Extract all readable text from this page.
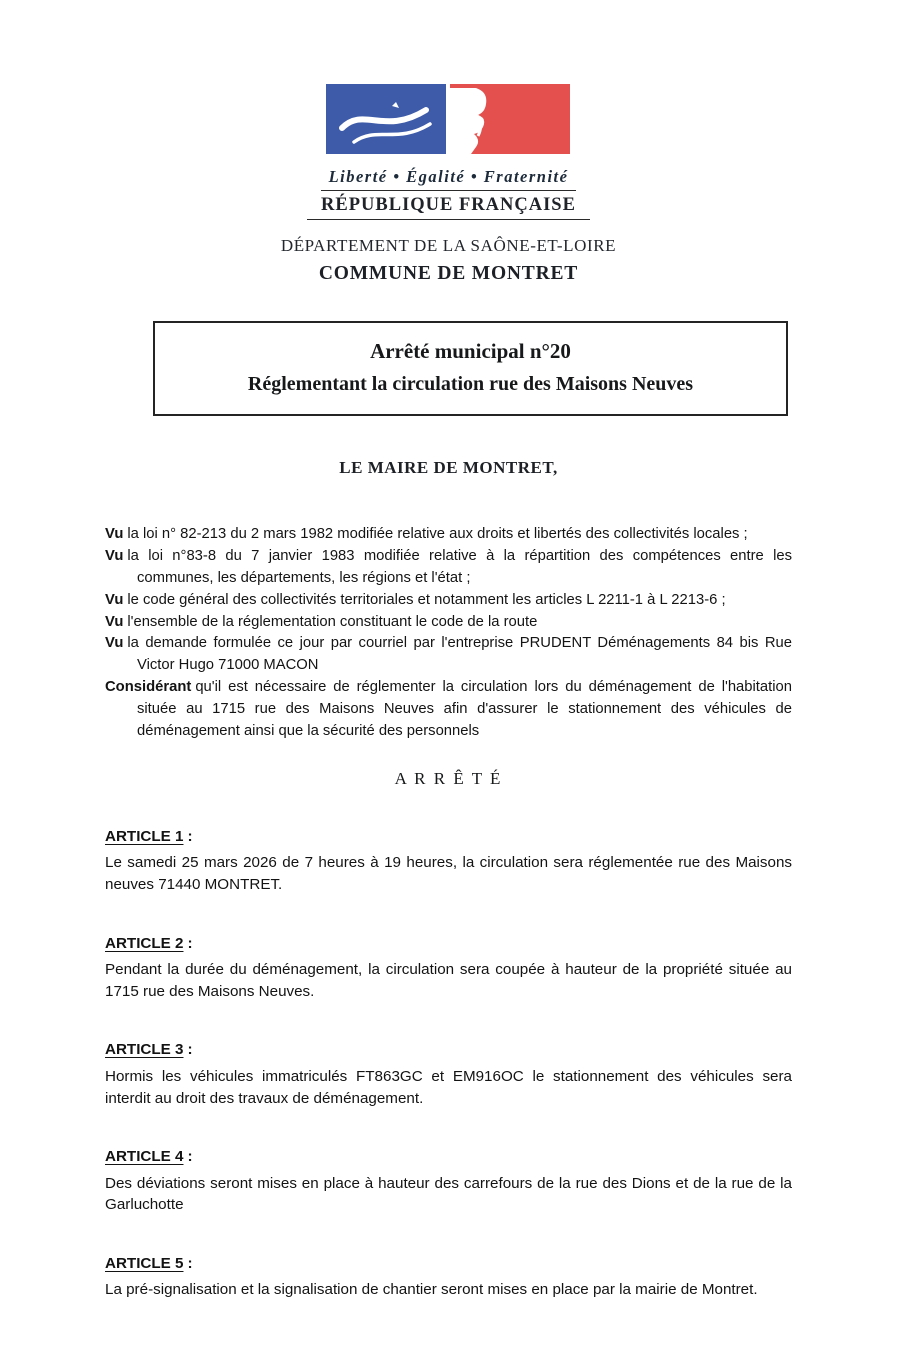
Liberté • Égalité • Fraternité
RÉPUBLIQUE FRANÇAISE
DÉPARTEMENT DE LA SAÔNE-ET-LOIRE
COMMUNE DE MONTRET
Arrêté municipal n°20
Réglementant la circulation rue des Maisons Neuves
LE MAIRE DE MONTRET,

Vu la loi n° 82-213 du 2 mars 1982 modifiée relative aux droits et libertés des collectivités locales ;

Vu la loi n°83-8 du 7 janvier 1983 modifiée relative à la répartition des compétences entre les communes, les départements, les régions et l'état ;

Vu le code général des collectivités territoriales et notamment les articles L 2211-1 à L 2213-6 ;

Vu l'ensemble de la réglementation constituant le code de la route

Vu la demande formulée ce jour par courriel par l'entreprise PRUDENT Déménagements 84 bis Rue Victor Hugo 71000 MACON

Considérant qu'il est nécessaire de réglementer la circulation lors du déménagement de l'habitation située au 1715 rue des Maisons Neuves afin d'assurer le stationnement des véhicules de déménagement ainsi que la sécurité des personnels

A R R Ê T É
ARTICLE 1 :

Le samedi 25 mars 2026 de 7 heures à 19 heures, la circulation sera réglementée rue des Maisons neuves 71440 MONTRET.

ARTICLE 2 :

Pendant la durée du déménagement, la circulation sera coupée à hauteur de la propriété située au 1715 rue des Maisons Neuves.

ARTICLE 3 :

Hormis les véhicules immatriculés FT863GC et EM916OC le stationnement des véhicules sera interdit au droit des travaux de déménagement.

ARTICLE 4 :

Des déviations seront mises en place à hauteur des carrefours de la rue des Dions et de la rue de la Garluchotte

ARTICLE 5 :

La pré-signalisation et la signalisation de chantier seront mises en place par la mairie de Montret.
